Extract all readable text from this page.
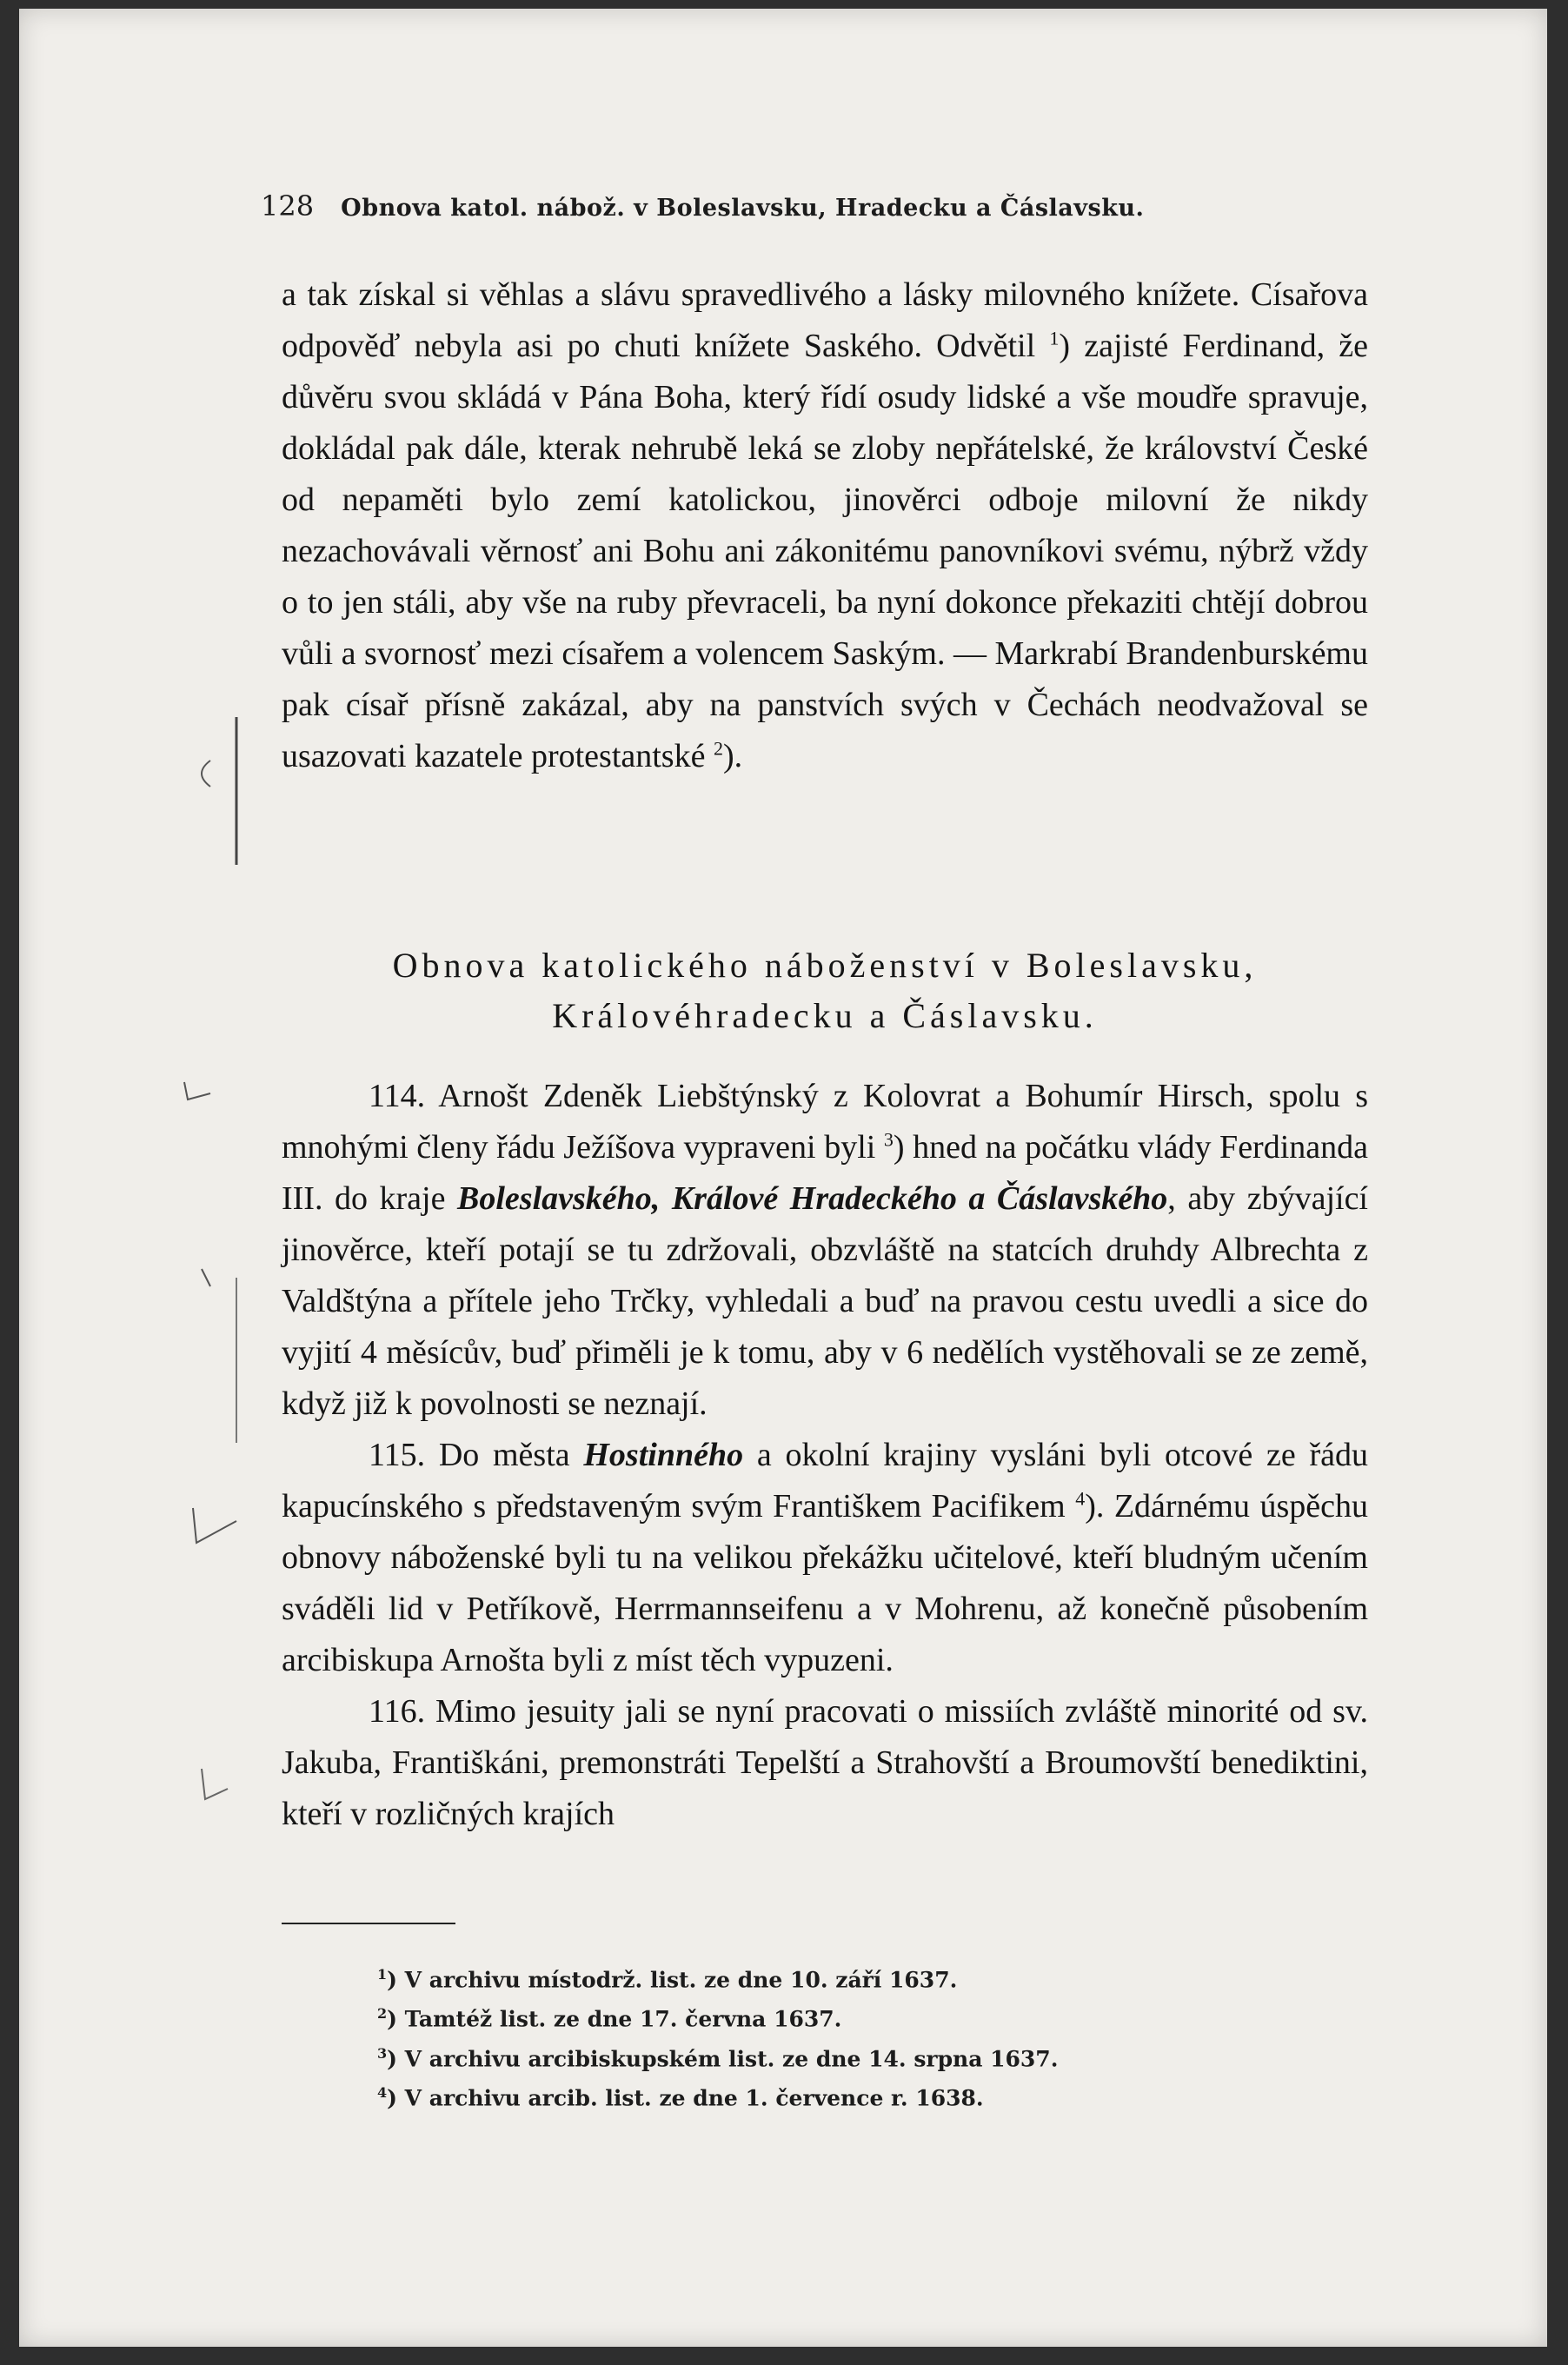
128 Obnova katol. nábož. v Boleslavsku, Hradecku a Čáslavsku.

a tak získal si věhlas a slávu spravedlivého a lásky milovného knížete. Císařova odpověď nebyla asi po chuti knížete Saského. Odvětil $^1$) zajisté Ferdinand, že důvěru svou skládá v Pána Boha, který řídí osudy lidské a vše moudře spravuje, dokládal pak dále, kterak nehrubě leká se zloby nepřátelské, že království České od nepaměti bylo zemí katolickou, jinověrci odboje milovní že nikdy nezachovávali věrnosť ani Bohu ani zákonitému panovníkovi svému, nýbrž vždy o to jen stáli, aby vše na ruby převraceli, ba nyní dokonce překaziti chtějí dobrou vůli a svornosť mezi císařem a volencem Saským. — Markrabí Brandenburskému pak císař přísně zakázal, aby na panstvích svých v Čechách neodvažoval se usazovati kazatele protestantské $^2$).

Obnova katolického náboženství v Boleslavsku,
Královéhradecku a Čáslavsku.

114. Arnošt Zdeněk Liebštýnský z Kolovrat a Bohumír Hirsch, spolu s mnohými členy řádu Ježíšova vypraveni byli $^3$) hned na počátku vlády Ferdinanda III. do kraje Boleslavského, Králové Hradeckého a Čáslavského, aby zbývající jinověrce, kteří potají se tu zdržovali, obzvláště na statcích druhdy Albrechta z Valdštýna a přítele jeho Trčky, vyhledali a buď na pravou cestu uvedli a sice do vyjití 4 měsícův, buď přiměli je k tomu, aby v 6 nedělích vystěhovali se ze země, když již k povolnosti se neznají.

115. Do města Hostinného a okolní krajiny vysláni byli otcové ze řádu kapucínského s představeným svým Františkem Pacifikem $^4$). Zdárnému úspěchu obnovy náboženské byli tu na velikou překážku učitelové, kteří bludným učením sváděli lid v Petříkově, Herrmannseifenu a v Mohrenu, až konečně působením arcibiskupa Arnošta byli z míst těch vypuzeni.

116. Mimo jesuity jali se nyní pracovati o missiích zvláště minorité od sv. Jakuba, Františkáni, premonstráti Tepelští a Strahovští a Broumovští benediktini, kteří v rozličných krajích

$^1$) V archivu místodrž. list. ze dne 10. září 1637.

$^2$) Tamtéž list. ze dne 17. června 1637.

$^3$) V archivu arcibiskupském list. ze dne 14. srpna 1637.

$^4$) V archivu arcib. list. ze dne 1. července r. 1638.
